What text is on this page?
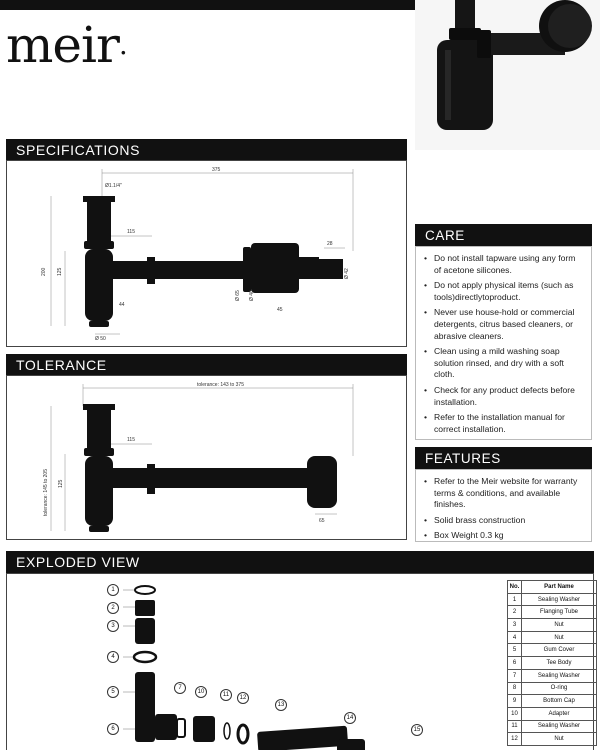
meir.
SPECIFICATIONS
375
Ø1.1/4"
115
200 125
44
Ø 50
Ø 65 Ø 40
Ø 42
45
28
TOLERANCE
tolerance: 143 to 375
115
tolerance: 145 to 205 125
65
CARE
• Do not install tapware using any form of acetone silicones.
• Do not apply physical items (such as tools)directlytoproduct.
• Never use house-hold or commercial detergents, citrus based cleaners, or abrasive cleaners.
• Clean using a mild washing soap solution rinsed, and dry with a soft cloth.
• Check for any product defects before installation.
• Refer to the installation manual for correct installation.
FEATURES
• Refer to the Meir website for warranty terms & conditions, and available finishes.
• Solid brass construction
• Box Weight 0.3 kg
EXPLODED VIEW
1
2
3
4
5
6
7
10	11	12
13
14
15
No.	Part Name
1	Sealing Washer
2	Flanging Tube
3	Nut
4	Nut
5	Gum Cover
6	Tee Body
7	Sealing Washer
8	O-ring
9	Bottom Cap
10	Adapter
11	Sealing Washer
12	Nut
